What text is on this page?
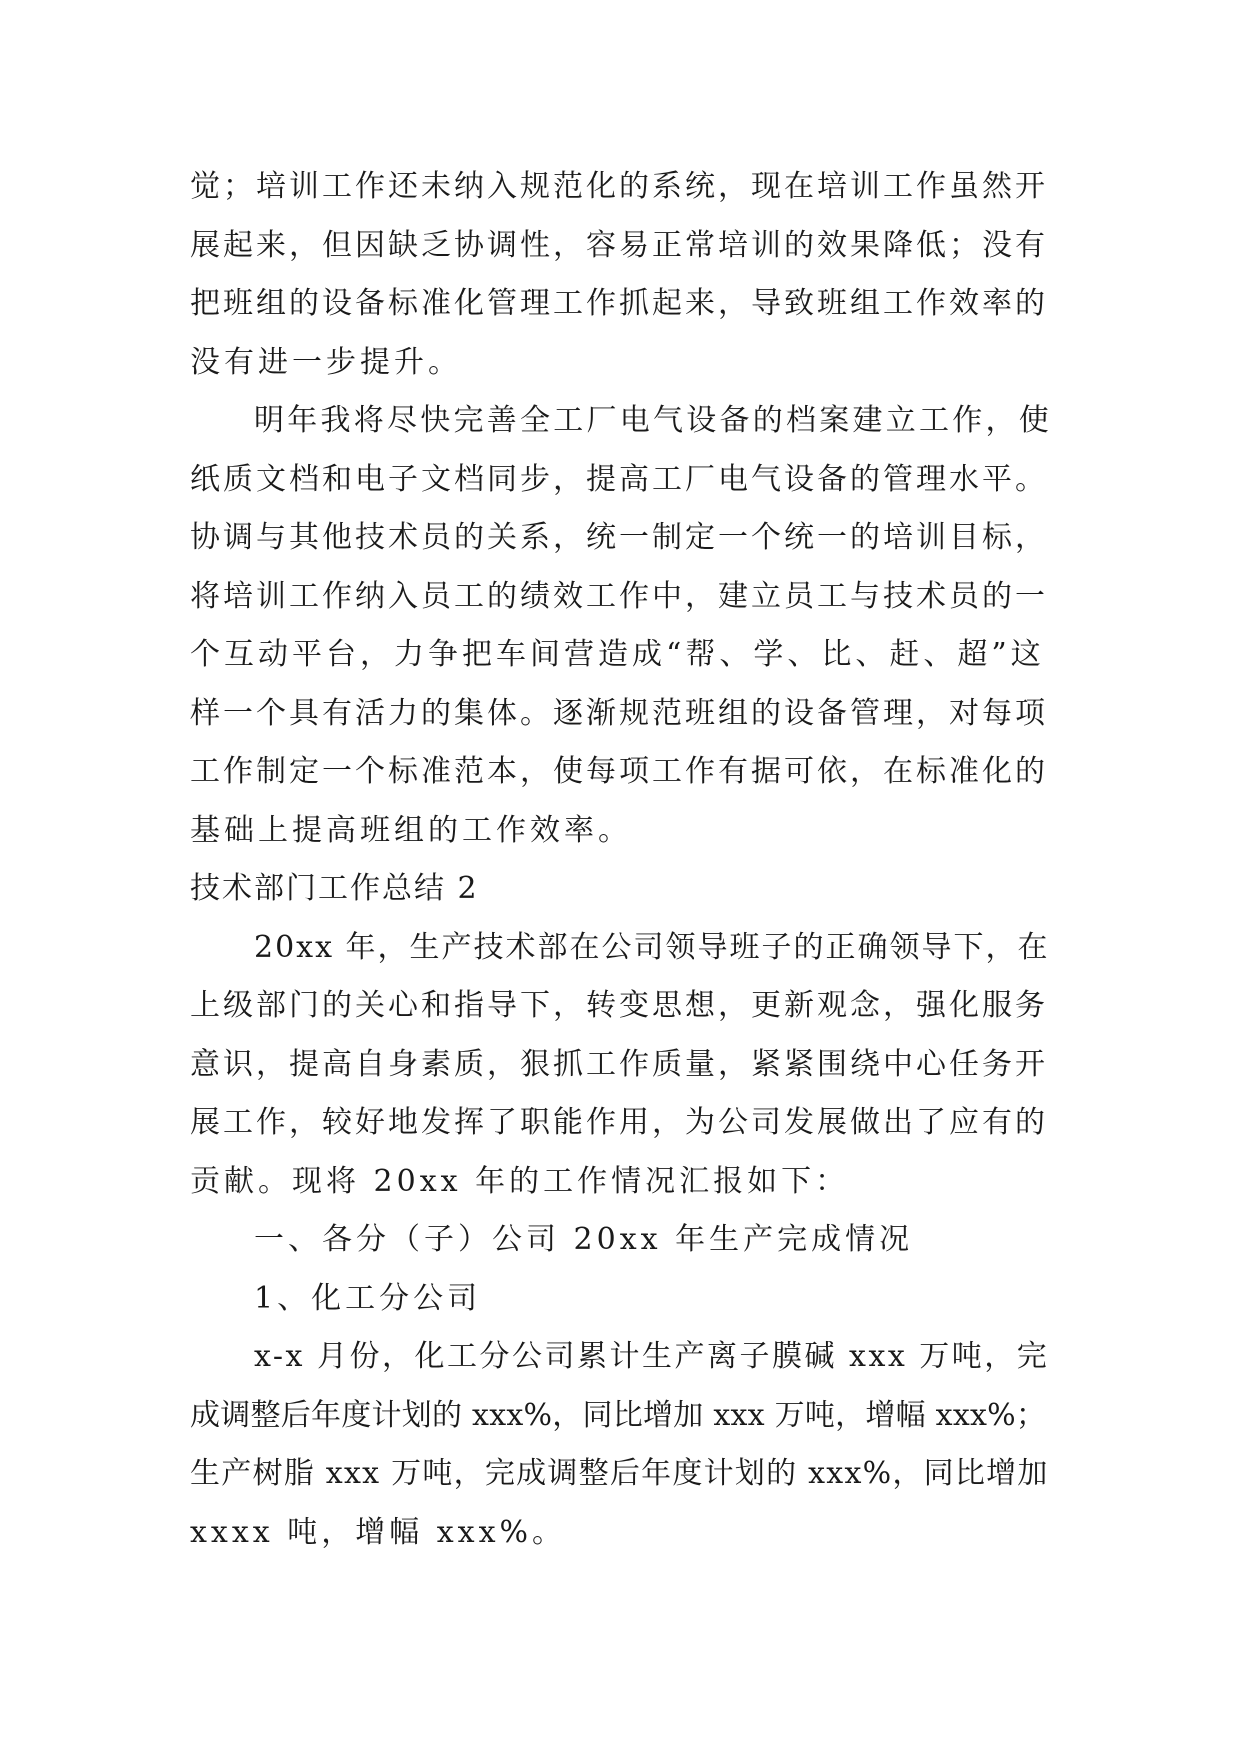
觉；培训工作还未纳入规范化的系统，现在培训工作虽然开
展起来，但因缺乏协调性，容易正常培训的效果降低；没有
把班组的设备标准化管理工作抓起来，导致班组工作效率的
没有进一步提升。
明年我将尽快完善全工厂电气设备的档案建立工作，使
纸质文档和电子文档同步，提高工厂电气设备的管理水平。
协调与其他技术员的关系，统一制定一个统一的培训目标，
将培训工作纳入员工的绩效工作中，建立员工与技术员的一
个互动平台，力争把车间营造成“帮、学、比、赶、超”这
样一个具有活力的集体。逐渐规范班组的设备管理，对每项
工作制定一个标准范本，使每项工作有据可依，在标准化的
基础上提高班组的工作效率。
技术部门工作总结 2
20xx 年，生产技术部在公司领导班子的正确领导下，在
上级部门的关心和指导下，转变思想，更新观念，强化服务
意识，提高自身素质，狠抓工作质量，紧紧围绕中心任务开
展工作，较好地发挥了职能作用，为公司发展做出了应有的
贡献。现将 20xx 年的工作情况汇报如下：
一、各分（子）公司 20xx 年生产完成情况
1、化工分公司
x-x 月份，化工分公司累计生产离子膜碱 xxx 万吨，完
成调整后年度计划的 xxx%，同比增加 xxx 万吨，增幅 xxx%；
生产树脂 xxx 万吨，完成调整后年度计划的 xxx%，同比增加
xxxx 吨，增幅 xxx%。
